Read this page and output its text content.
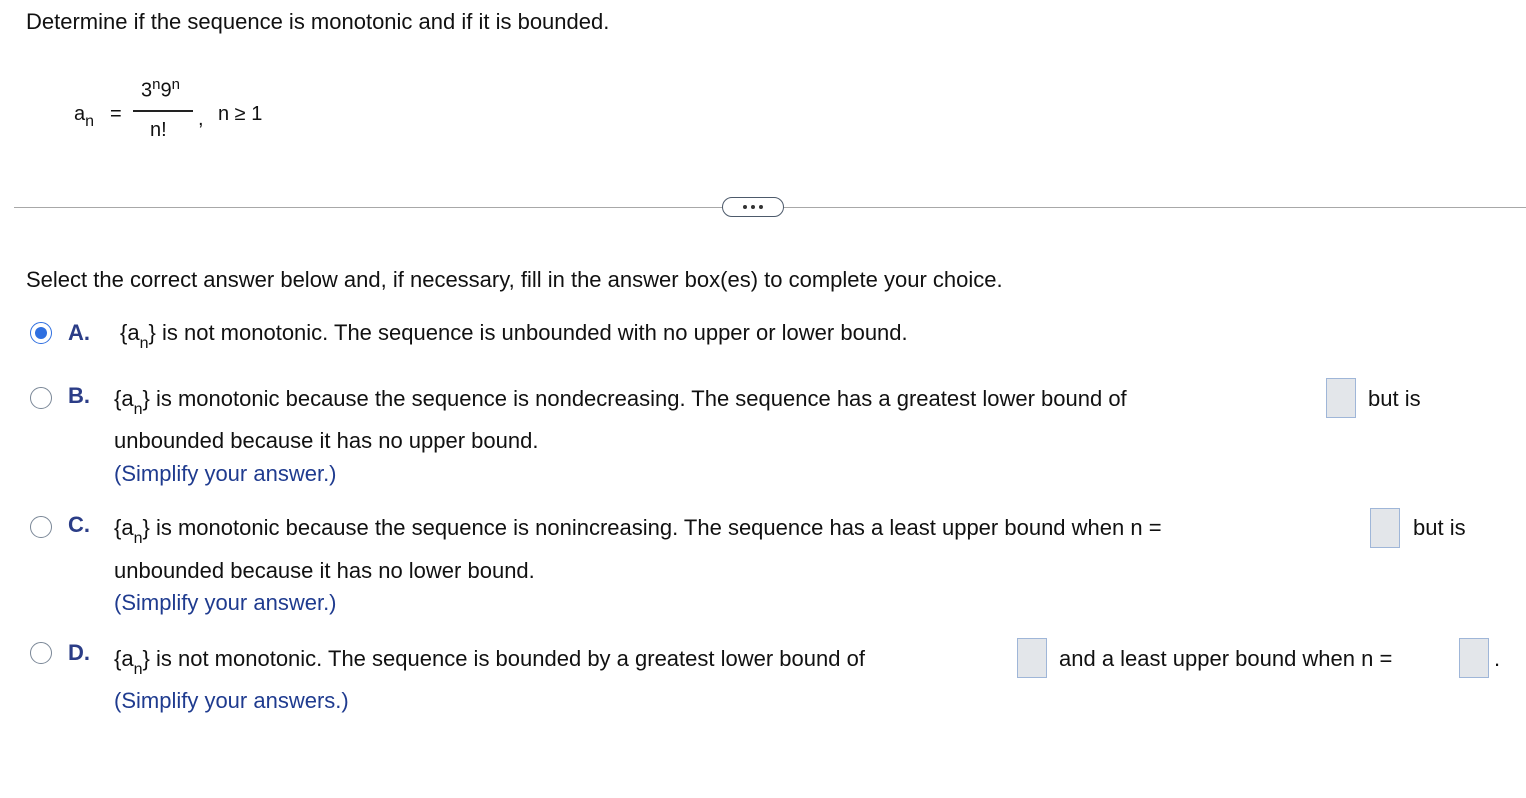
Determine if the sequence is monotonic and if it is bounded.
$a_n$ =
$3^n9^n$
n! , n ≥ 1
Select the correct answer below and, if necessary, fill in the answer box(es) to complete your choice.
A. $\{a_n\}$ is not monotonic. The sequence is unbounded with no upper or lower bound.
B. $\{a_n\}$ is monotonic because the sequence is nondecreasing. The sequence has a greatest lower bound of	but is
unbounded because it has no upper bound.
(Simplify your answer.)
C. $\{a_n\}$ is monotonic because the sequence is nonincreasing. The sequence has a least upper bound when n =	but is
unbounded because it has no lower bound.
(Simplify your answer.)
D. $\{a_n\}$ is not monotonic. The sequence is bounded by a greatest lower bound of	and a least upper bound when n =	.
(Simplify your answers.)
